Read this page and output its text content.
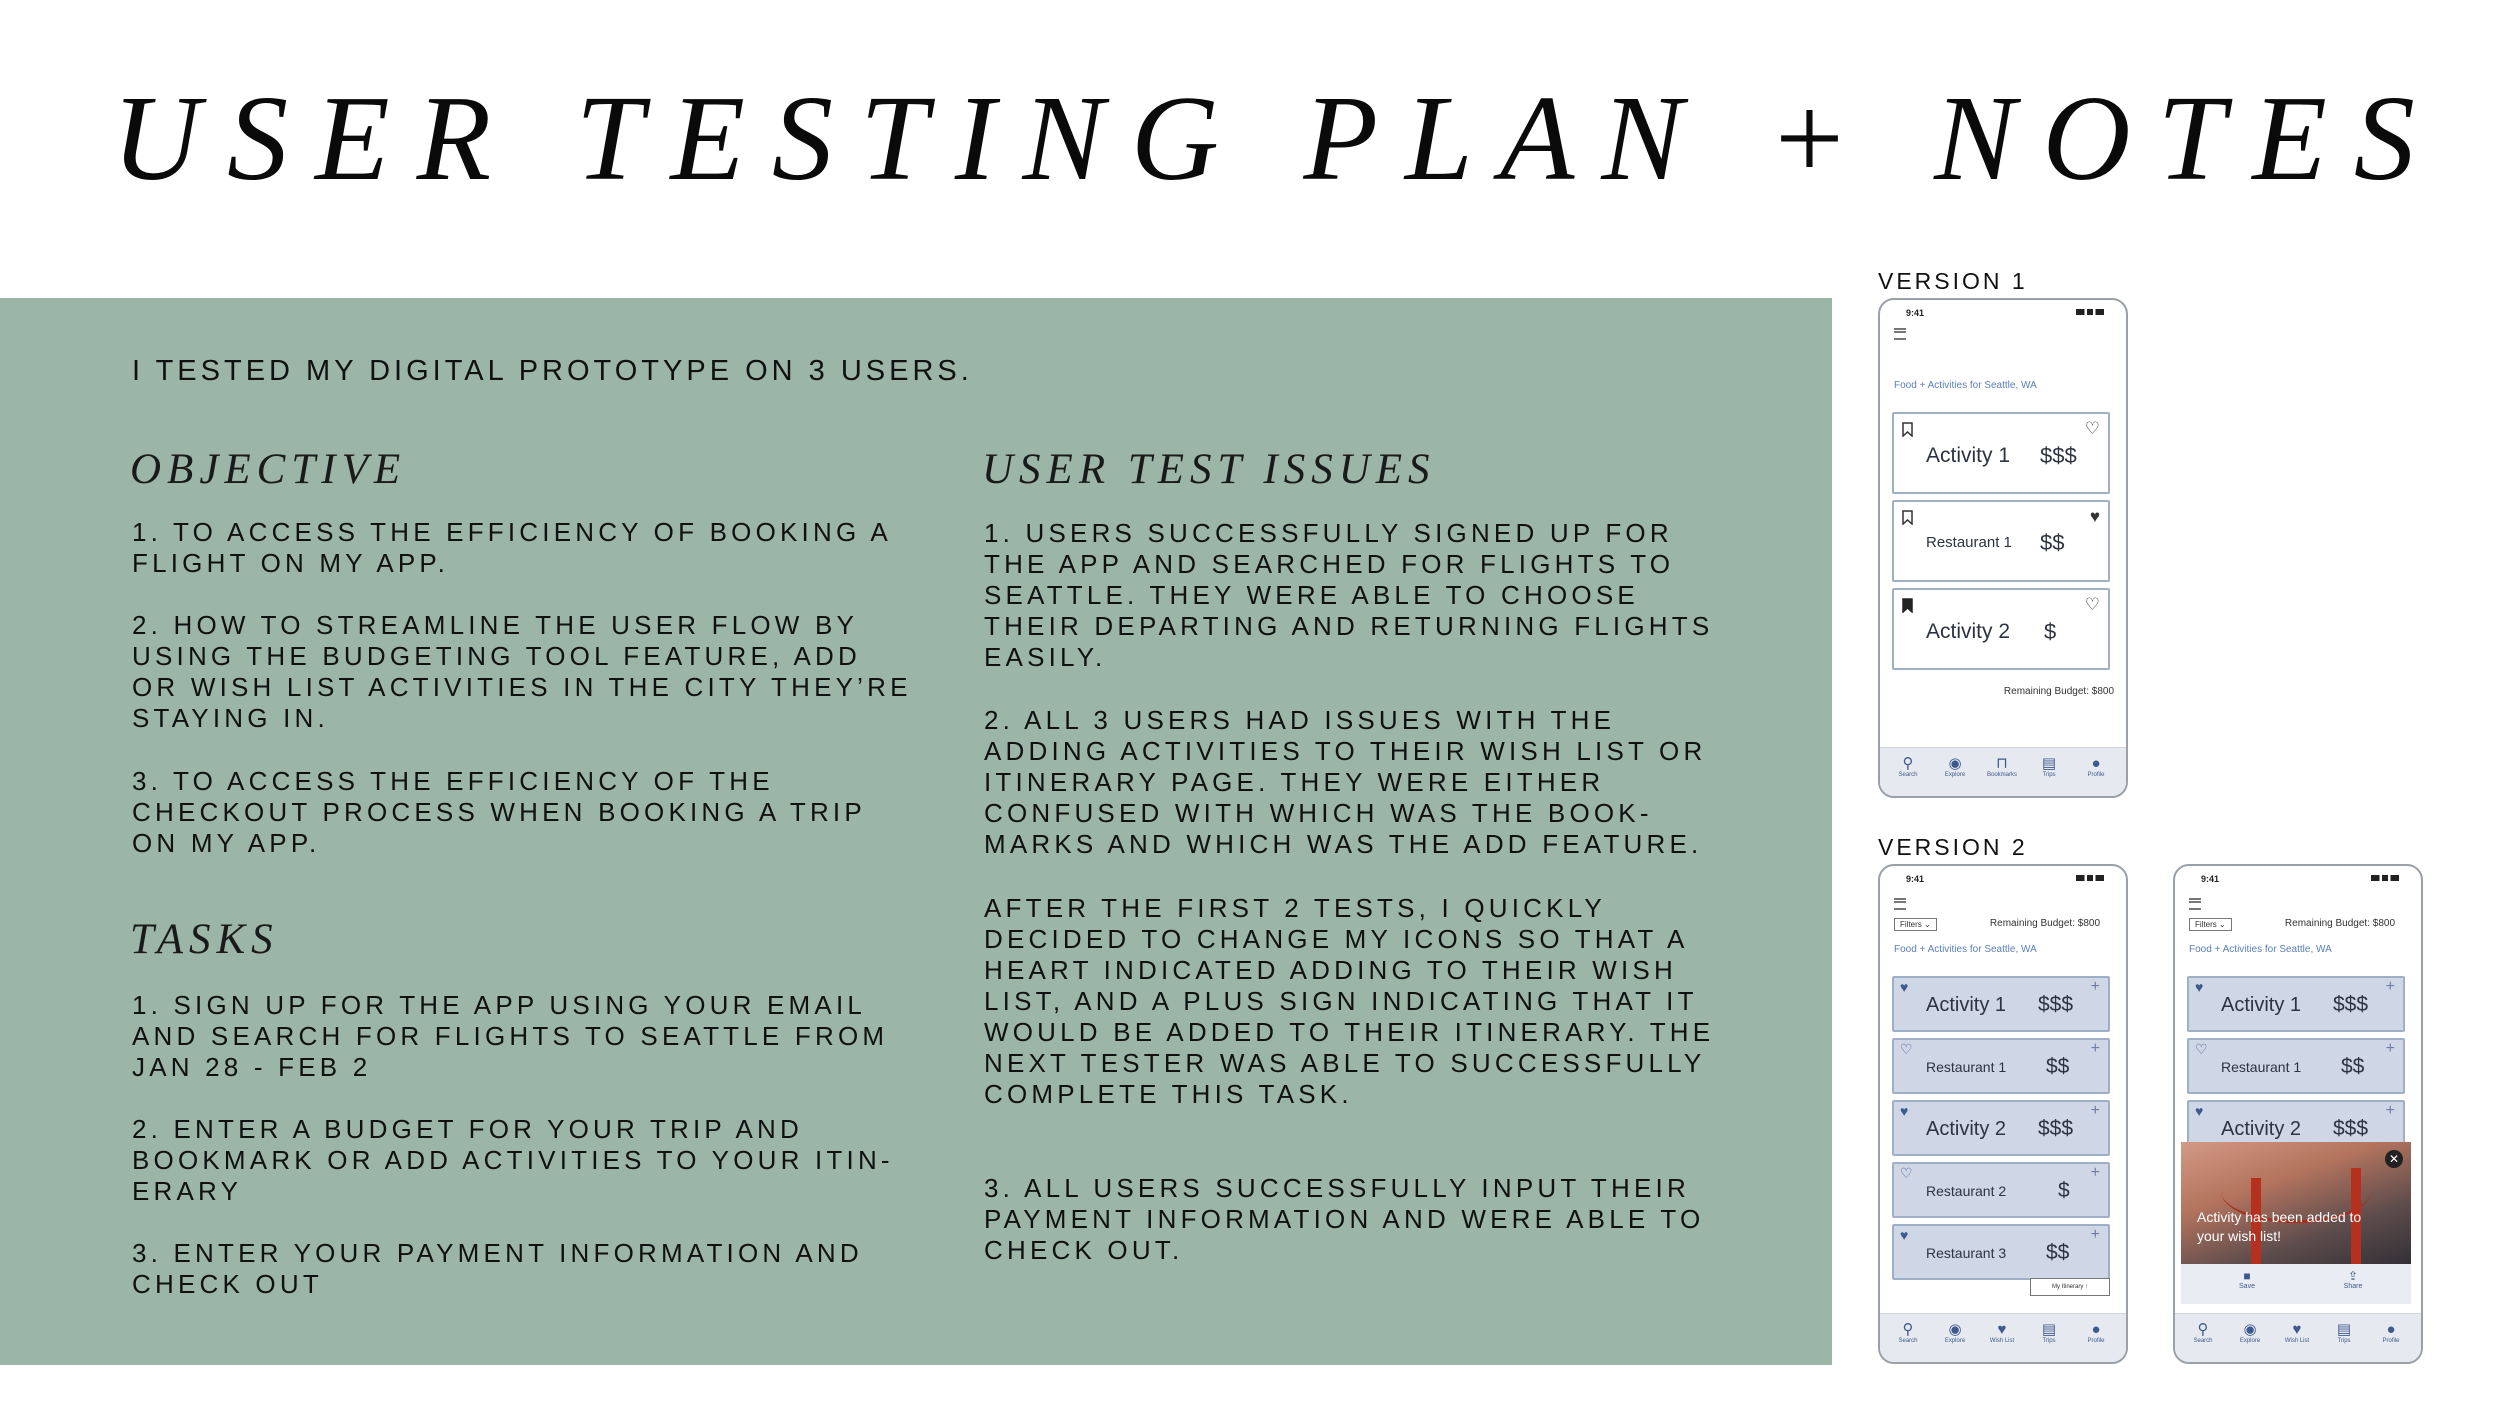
USER TESTING PLAN + NOTES
I TESTED MY DIGITAL PROTOTYPE ON 3 USERS.
OBJECTIVE

1. TO ACCESS THE EFFICIENCY OF BOOKING A
FLIGHT ON MY APP.

2. HOW TO STREAMLINE THE USER FLOW BY
USING THE BUDGETING TOOL FEATURE, ADD
OR WISH LIST ACTIVITIES IN THE CITY THEY’RE
STAYING IN.

3. TO ACCESS THE EFFICIENCY OF THE
CHECKOUT PROCESS WHEN BOOKING A TRIP
ON MY APP.

TASKS

1. SIGN UP FOR THE APP USING YOUR EMAIL
AND SEARCH FOR FLIGHTS TO SEATTLE FROM
JAN 28 - FEB 2

2. ENTER A BUDGET FOR YOUR TRIP AND
BOOKMARK OR ADD ACTIVITIES TO YOUR ITIN-
ERARY

3. ENTER YOUR PAYMENT INFORMATION AND
CHECK OUT

USER TEST ISSUES

1. USERS SUCCESSFULLY SIGNED UP FOR
THE APP AND SEARCHED FOR FLIGHTS TO
SEATTLE. THEY WERE ABLE TO CHOOSE
THEIR DEPARTING AND RETURNING FLIGHTS
EASILY.

2. ALL 3 USERS HAD ISSUES WITH THE
ADDING ACTIVITIES TO THEIR WISH LIST OR
ITINERARY PAGE. THEY WERE EITHER
CONFUSED WITH WHICH WAS THE BOOK-
MARKS AND WHICH WAS THE ADD FEATURE.

AFTER THE FIRST 2 TESTS, I QUICKLY
DECIDED TO CHANGE MY ICONS SO THAT A
HEART INDICATED ADDING TO THEIR WISH
LIST, AND A PLUS SIGN INDICATING THAT IT
WOULD BE ADDED TO THEIR ITINERARY. THE
NEXT TESTER WAS ABLE TO SUCCESSFULLY
COMPLETE THIS TASK.

3. ALL USERS SUCCESSFULLY INPUT THEIR
PAYMENT INFORMATION AND WERE ABLE TO
CHECK OUT.

VERSION 1
9:41
Food + Activities for Seattle, WA
♡
Activity 1 $$$
♥
Restaurant 1 $$
♡
Activity 2 $
Remaining Budget: $800
⚲
Search
◉
Explore
⊓
Bookmarks
▤
Trips
●
Profile
VERSION 2
9:41
Filters ⌄	Remaining Budget: $800
Food + Activities for Seattle, WA
♥	+
Activity 1 $$$
♡	+
Restaurant 1 $$
♥	+
Activity 2 $$$
♡	+
Restaurant 2 $
♥	+
Restaurant 3 $$
My Itinerary ↑
⚲
Search
◉
Explore
♥
Wish List
▤
Trips
●
Profile
9:41
Filters ⌄	Remaining Budget: $800
Food + Activities for Seattle, WA
♥	+
Activity 1 $$$
♡	+
Restaurant 1 $$
♥	+
Activity 2 $$$
Activity has been added to your wish list!
✕
■
Save
⇪
Share
⚲
Search
◉
Explore
♥
Wish List
▤
Trips
●
Profile
